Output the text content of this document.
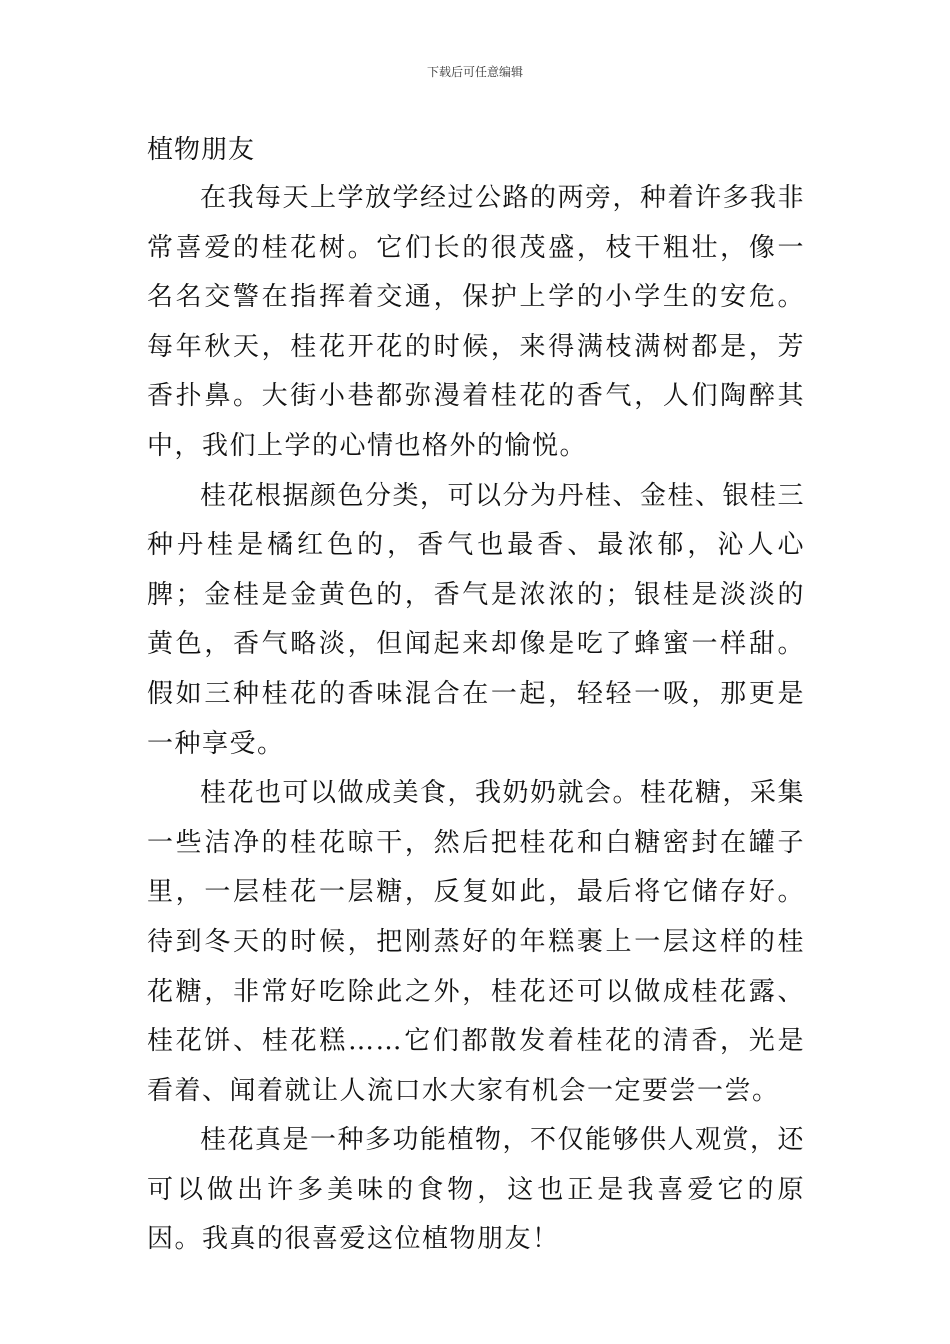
下载后可任意编辑
植物朋友

在我每天上学放学经过公路的两旁，种着许多我非常喜爱的桂花树。它们长的很茂盛，枝干粗壮，像一名名交警在指挥着交通，保护上学的小学生的安危。每年秋天，桂花开花的时候，来得满枝满树都是，芳香扑鼻。大街小巷都弥漫着桂花的香气，人们陶醉其中，我们上学的心情也格外的愉悦。

桂花根据颜色分类，可以分为丹桂、金桂、银桂三种丹桂是橘红色的，香气也最香、最浓郁，沁人心脾；金桂是金黄色的，香气是浓浓的；银桂是淡淡的黄色，香气略淡，但闻起来却像是吃了蜂蜜一样甜。假如三种桂花的香味混合在一起，轻轻一吸，那更是一种享受。

桂花也可以做成美食，我奶奶就会。桂花糖，采集一些洁净的桂花晾干，然后把桂花和白糖密封在罐子里，一层桂花一层糖，反复如此，最后将它储存好。待到冬天的时候，把刚蒸好的年糕裹上一层这样的桂花糖，非常好吃除此之外，桂花还可以做成桂花露、桂花饼、桂花糕……它们都散发着桂花的清香，光是看着、闻着就让人流口水大家有机会一定要尝一尝。

桂花真是一种多功能植物，不仅能够供人观赏，还可以做出许多美味的食物，这也正是我喜爱它的原因。我真的很喜爱这位植物朋友！
